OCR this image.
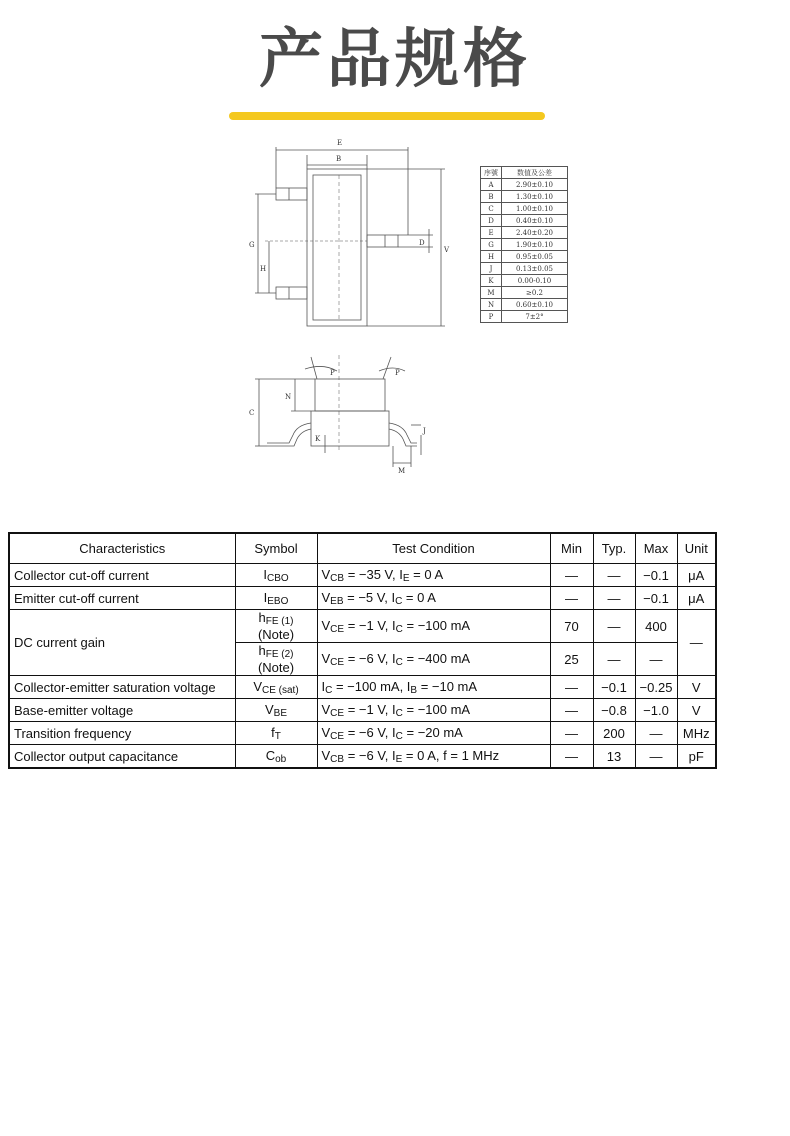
产品规格
E
B
G
H
D
V
P	P
C
N
K
J
M
序號	数值及公差
A	2.90±0.10
B	1.30±0.10
C	1.00±0.10
D	0.40±0.10
E	2.40±0.20
G	1.90±0.10
H	0.95±0.05
J	0.13±0.05
K	0.00-0.10
M	≥0.2
N	0.60±0.10
P	7±2°
Characteristics	Symbol	Test Condition	Min	Typ.	Max	Unit
Collector cut-off current	$I_{CBO}$	$V_{CB} = -35$ V, $I_E = 0$ A	—	—	−0.1	μA
Emitter cut-off current	$I_{EBO}$	$V_{EB} = -5$ V, $I_C = 0$ A	—	—	−0.1	μA
DC current gain	$h_{FE (1)}$ (Note)	$V_{CE} = -1$ V, $I_C = -100$ mA	70	—	400	—
	$h_{FE (2)}$ (Note)	$V_{CE} = -6$ V, $I_C = -400$ mA	25	—	—	
Collector-emitter saturation voltage	$V_{CE (sat)}$	$I_C = -100$ mA, $I_B = -10$ mA	—	−0.1	−0.25	V
Base-emitter voltage	$V_{BE}$	$V_{CE} = -1$ V, $I_C = -100$ mA	—	−0.8	−1.0	V
Transition frequency	$f_T$	$V_{CE} = -6$ V, $I_C = -20$ mA	—	200	—	MHz
Collector output capacitance	$C_{ob}$	$V_{CB} = -6$ V, $I_E = 0$ A, f = 1 MHz	—	13	—	pF
